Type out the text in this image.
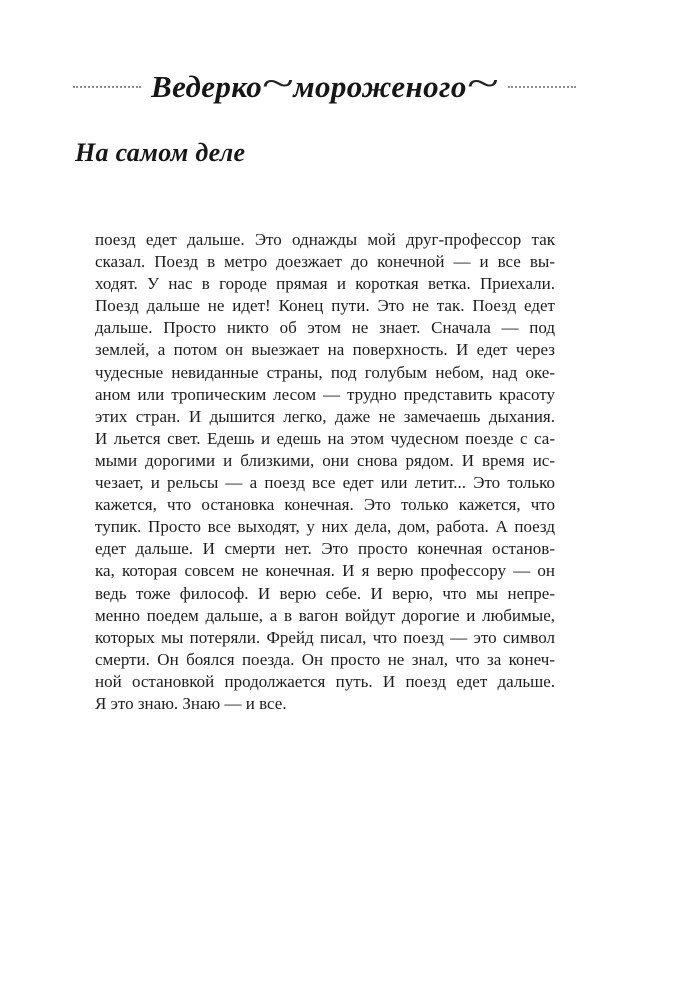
Ведерко~мороженого~
На самом деле
поезд едет дальше. Это однажды мой друг-профессор так
сказал. Поезд в метро доезжает до конечной — и все вы-
ходят. У нас в городе прямая и короткая ветка. Приехали.
Поезд дальше не идет! Конец пути. Это не так. Поезд едет
дальше. Просто никто об этом не знает. Сначала — под
землей, а потом он выезжает на поверхность. И едет через
чудесные невиданные страны, под голубым небом, над оке-
аном или тропическим лесом — трудно представить красоту
этих стран. И дышится легко, даже не замечаешь дыхания.
И льется свет. Едешь и едешь на этом чудесном поезде с са-
мыми дорогими и близкими, они снова рядом. И время ис-
чезает, и рельсы — а поезд все едет или летит... Это только
кажется, что остановка конечная. Это только кажется, что
тупик. Просто все выходят, у них дела, дом, работа. А поезд
едет дальше. И смерти нет. Это просто конечная останов-
ка, которая совсем не конечная. И я верю профессору — он
ведь тоже философ. И верю себе. И верю, что мы непре-
менно поедем дальше, а в вагон войдут дорогие и любимые,
которых мы потеряли. Фрейд писал, что поезд — это символ
смерти. Он боялся поезда. Он просто не знал, что за конеч-
ной остановкой продолжается путь. И поезд едет дальше.
Я это знаю. Знаю — и все.
